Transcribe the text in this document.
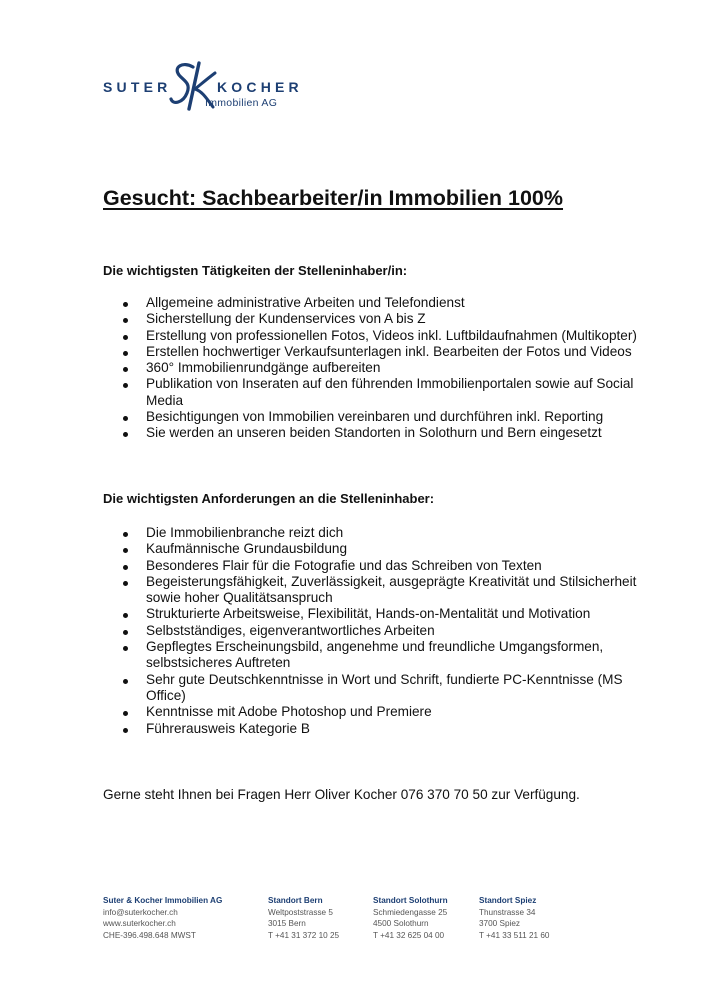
SUTER	KOCHER
Immobilien AG
Gesucht: Sachbearbeiter/in Immobilien 100%
Die wichtigsten Tätigkeiten der Stelleninhaber/in:
Allgemeine administrative Arbeiten und Telefondienst
Sicherstellung der Kundenservices von A bis Z
Erstellung von professionellen Fotos, Videos inkl. Luftbildaufnahmen (Multikopter)
Erstellen hochwertiger Verkaufsunterlagen inkl. Bearbeiten der Fotos und Videos
360° Immobilienrundgänge aufbereiten
Publikation von Inseraten auf den führenden Immobilienportalen sowie auf Social Media
Besichtigungen von Immobilien vereinbaren und durchführen inkl. Reporting
Sie werden an unseren beiden Standorten in Solothurn und Bern eingesetzt
Die wichtigsten Anforderungen an die Stelleninhaber:
Die Immobilienbranche reizt dich
Kaufmännische Grundausbildung
Besonderes Flair für die Fotografie und das Schreiben von Texten
Begeisterungsfähigkeit, Zuverlässigkeit, ausgeprägte Kreativität und Stilsicherheit sowie hoher Qualitätsanspruch
Strukturierte Arbeitsweise, Flexibilität, Hands-on-Mentalität und Motivation
Selbstständiges, eigenverantwortliches Arbeiten
Gepflegtes Erscheinungsbild, angenehme und freundliche Umgangsformen, selbstsicheres Auftreten
Sehr gute Deutschkenntnisse in Wort und Schrift, fundierte PC-Kenntnisse (MS Office)
Kenntnisse mit Adobe Photoshop und Premiere
Führerausweis Kategorie B

Gerne steht Ihnen bei Fragen Herr Oliver Kocher 076 370 70 50 zur Verfügung.

Suter & Kocher Immobilien AG
info@suterkocher.ch
www.suterkocher.ch
CHE-396.498.648 MWST
Standort Bern
Weltpoststrasse 5
3015 Bern
T +41 31 372 10 25
Standort Solothurn
Schmiedengasse 25
4500 Solothurn
T +41 32 625 04 00
Standort Spiez
Thunstrasse 34
3700 Spiez
T +41 33 511 21 60
